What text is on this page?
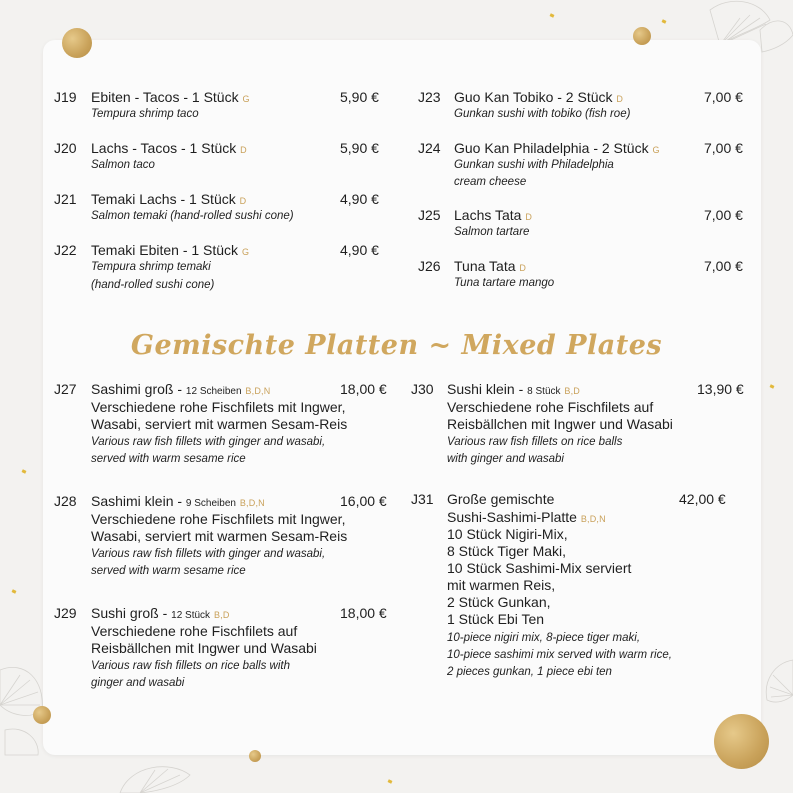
J19 Ebiten - Tacos - 1 Stück G	5,90 €
Tempura shrimp taco
J20 Lachs - Tacos - 1 Stück D	5,90 €
Salmon taco
J21 Temaki Lachs - 1 Stück D	4,90 €
Salmon temaki (hand-rolled sushi cone)
J22 Temaki Ebiten - 1 Stück G	4,90 €
Tempura shrimp temaki
(hand-rolled sushi cone)
J23 Guo Kan Tobiko - 2 Stück D	7,00 €
Gunkan sushi with tobiko (fish roe)
J24 Guo Kan Philadelphia - 2 Stück G	7,00 €
Gunkan sushi with Philadelphia
cream cheese
J25 Lachs Tata D	7,00 €
Salmon tartare
J26 Tuna Tata D	7,00 €
Tuna tartare mango
Gemischte Platten ~ Mixed Plates
J27 Sashimi groß - 12 Scheiben B,D,N	18,00 €
Verschiedene rohe Fischfilets mit Ingwer,
Wasabi, serviert mit warmen Sesam-Reis
Various raw fish fillets with ginger and wasabi,
served with warm sesame rice
J28 Sashimi klein - 9 Scheiben B,D,N	16,00 €
Verschiedene rohe Fischfilets mit Ingwer,
Wasabi, serviert mit warmen Sesam-Reis
Various raw fish fillets with ginger and wasabi,
served with warm sesame rice
J29 Sushi groß - 12 Stück B,D	18,00 €
Verschiedene rohe Fischfilets auf
Reisbällchen mit Ingwer und Wasabi
Various raw fish fillets on rice balls with
ginger and wasabi
J30 Sushi klein - 8 Stück B,D	13,90 €
Verschiedene rohe Fischfilets auf
Reisbällchen mit Ingwer und Wasabi
Various raw fish fillets on rice balls
with ginger and wasabi
J31 Große gemischte	42,00 €
Sushi-Sashimi-Platte B,D,N
10 Stück Nigiri-Mix,
8 Stück Tiger Maki,
10 Stück Sashimi-Mix serviert
mit warmen Reis,
2 Stück Gunkan,
1 Stück Ebi Ten
10-piece nigiri mix, 8-piece tiger maki,
10-piece sashimi mix served with warm rice,
2 pieces gunkan, 1 piece ebi ten
